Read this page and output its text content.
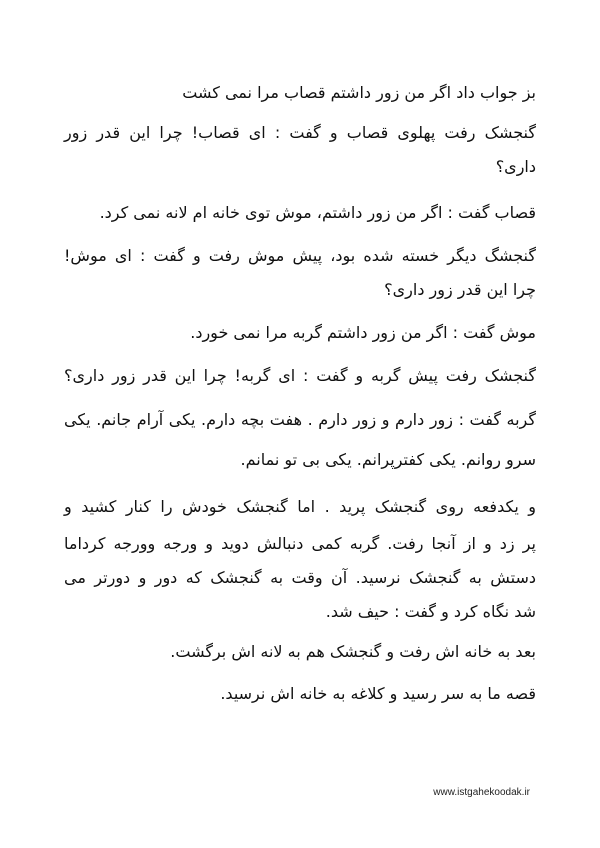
بز جواب داد اگر من زور داشتم قصاب مرا نمی کشت
گنجشک رفت پهلوی قصاب و گفت : ای قصاب! چرا این قدر زور
داری؟
قصاب گفت : اگر من زور داشتم، موش توی خانه ام لانه نمی کرد.
گنجشگ دیگر خسته شده بود، پیش موش رفت و گفت : ای موش!
چرا این قدر زور داری؟
موش گفت : اگر من زور داشتم گربه مرا نمی خورد.
گنجشک رفت پیش گربه و گفت : ای گربه! چرا این قدر زور داری؟
گربه گفت : زور دارم و زور دارم . هفت بچه دارم. یکی آرام جانم. یکی
سرو روانم. یکی کفترپرانم. یکی بی تو نمانم.
و یکدفعه روی گنجشک پرید . اما گنجشک خودش را کنار کشید و
پر زد و از آنجا رفت. گربه کمی دنبالش دوید و ورجه وورجه کرداما
دستش به گنجشک نرسید. آن وقت به گنجشک که دور و دورتر می
شد نگاه کرد و گفت : حیف شد.
بعد به خانه اش رفت و گنجشک هم به لانه اش برگشت.
قصه ما به سر رسید و کلاغه به خانه اش نرسید.
www.istgahekoodak.ir
